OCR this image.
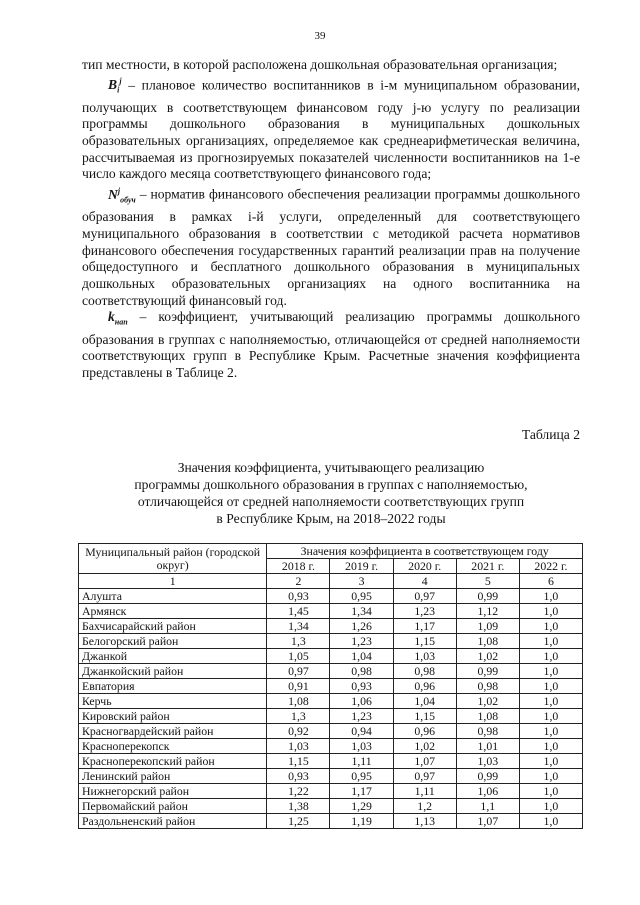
39

тип местности, в которой расположена дошкольная образовательная организация;

$B_i^j$ – плановое количество воспитанников в i-м муниципальном образовании, получающих в соответствующем финансовом году j-ю услугу по реализации программы дошкольного образования в муниципальных дошкольных образовательных организациях, определяемое как среднеарифметическая величина, рассчитываемая из прогнозируемых показателей численности воспитанников на 1-е число каждого месяца соответствующего финансового года;

$N^j_{обуч}$ – норматив финансового обеспечения реализации программы дошкольного образования в рамках i-й услуги, определенный для соответствующего муниципального образования в соответствии с методикой расчета нормативов финансового обеспечения государственных гарантий реализации прав на получение общедоступного и бесплатного дошкольного образования в муниципальных дошкольных образовательных организациях на одного воспитанника на соответствующий финансовый год.

$k_{нап}$ – коэффициент, учитывающий реализацию программы дошкольного образования в группах с наполняемостью, отличающейся от средней наполняемости соответствующих групп в Республике Крым. Расчетные значения коэффициента представлены в Таблице 2.

Таблица 2
Значения коэффициента, учитывающего реализацию
программы дошкольного образования в группах с наполняемостью,
отличающейся от средней наполняемости соответствующих групп
в Республике Крым, на 2018–2022 годы
Муниципальный район (городской округ)	Значения коэффициента в соответствующем году				
	2018 г.	2019 г.	2020 г.	2021 г.	2022 г.
1	2	3	4	5	6
Алушта	0,93	0,95	0,97	0,99	1,0
Армянск	1,45	1,34	1,23	1,12	1,0
Бахчисарайский район	1,34	1,26	1,17	1,09	1,0
Белогорский район	1,3	1,23	1,15	1,08	1,0
Джанкой	1,05	1,04	1,03	1,02	1,0
Джанкойский район	0,97	0,98	0,98	0,99	1,0
Евпатория	0,91	0,93	0,96	0,98	1,0
Керчь	1,08	1,06	1,04	1,02	1,0
Кировский район	1,3	1,23	1,15	1,08	1,0
Красногвардейский район	0,92	0,94	0,96	0,98	1,0
Красноперекопск	1,03	1,03	1,02	1,01	1,0
Красноперекопский район	1,15	1,11	1,07	1,03	1,0
Ленинский район	0,93	0,95	0,97	0,99	1,0
Нижнегорский район	1,22	1,17	1,11	1,06	1,0
Первомайский район	1,38	1,29	1,2	1,1	1,0
Раздольненский район	1,25	1,19	1,13	1,07	1,0
